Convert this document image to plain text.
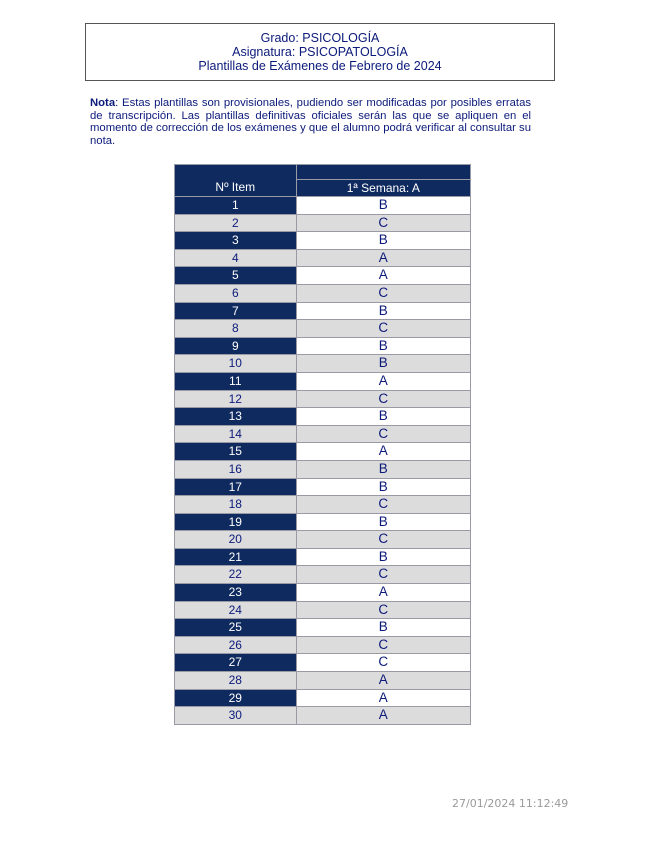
Grado: PSICOLOGÍA
Asignatura: PSICOPATOLOGÍA
Plantillas de Exámenes de Febrero de 2024
Nota: Estas plantillas son provisionales, pudiendo ser modificadas por posibles erratas de transcripción. Las plantillas definitivas oficiales serán las que se apliquen en el momento de corrección de los exámenes y que el alumno podrá verificar al consultar su nota.
Nº Item	
	1ª Semana: A
1	B
2	C
3	B
4	A
5	A
6	C
7	B
8	C
9	B
10	B
11	A
12	C
13	B
14	C
15	A
16	B
17	B
18	C
19	B
20	C
21	B
22	C
23	A
24	C
25	B
26	C
27	C
28	A
29	A
30	A
27/01/2024 11:12:49
